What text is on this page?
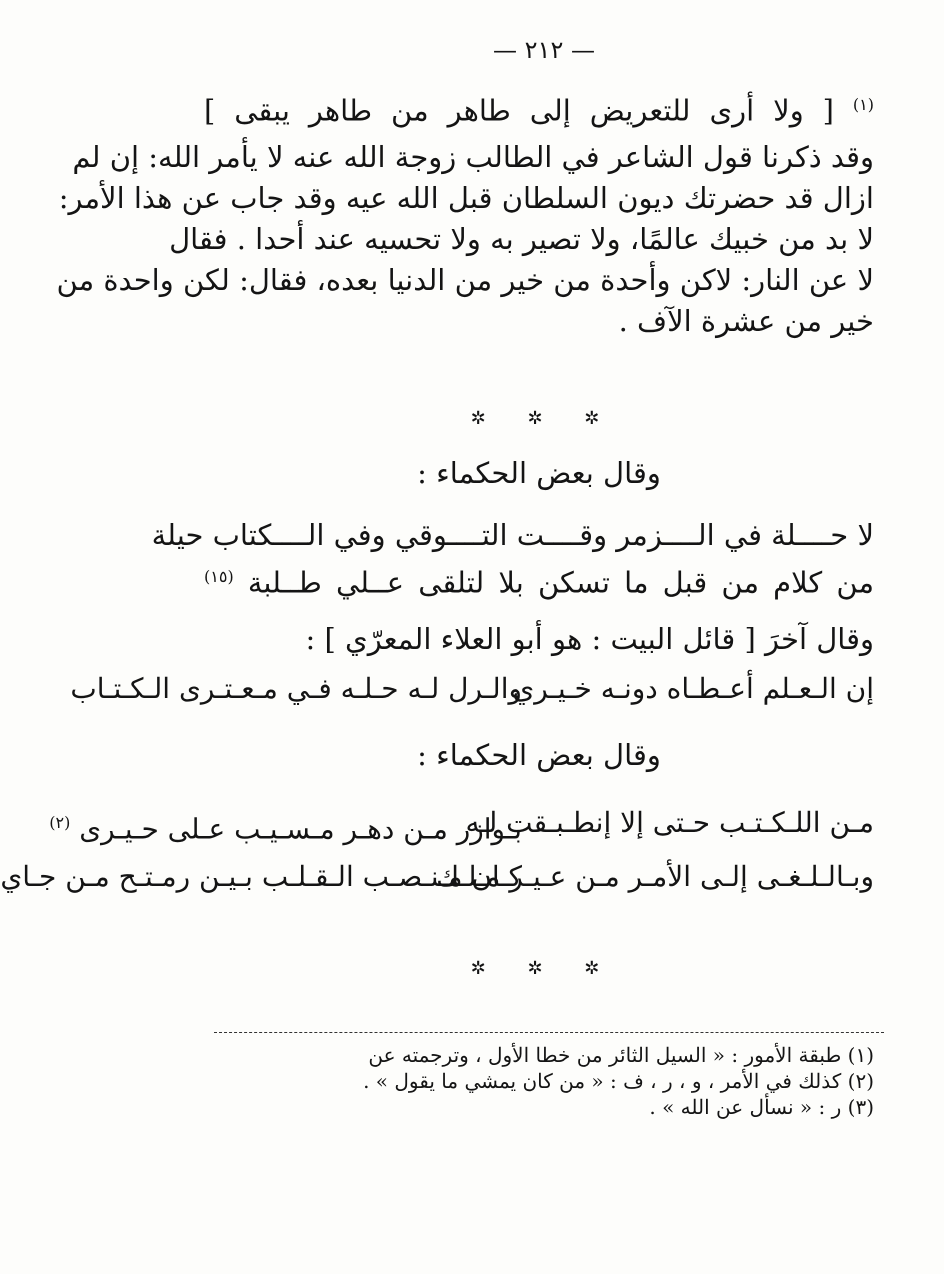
— ٢١٢ —
$^{(١)}$ [ ولا أرى للتعريض إلى طاهر من طاهر يبقى ]
وقد ذكرنا قول الشاعر في الطالب زوجة الله عنه لا يأمر الله: إن لم
ازال قد حضرتك ديون السلطان قبل الله عيه وقد جاب عن هذا الأمر:
لا بد من خبيك عالمًا، ولا تصير به ولا تحسيه عند أحدا . فقال
لا عن النار: لاكن وأحدة من خير من الدنيا بعده، فقال: لكن واحدة من
خير من عشرة الآف .
✲ ✲ ✲
وقال بعض الحكماء :
لا حــــلة في الــــزمر وقــــت التــــوقي وفي الــــكتاب حيلة
من كلام من قبل ما تسكن بلا لتلقى عــلي طــلبة $^{(١٥)}$
وقال آخرَ [ قائل البيت : هو أبو العلاء المعرّي ] :
إن الـعـلم أعـطـاه دونـه خـيـري
والـرل لـه حـلـه فـي مـعـتـرى الـكـتـاب
وقال بعض الحكماء :
مـن اللـكـتـب حـتى إلا إنطـبـقت لـه
بـوازر مـن دهـر مـسـيـب عـلى حـيـرى $^{(٢)}$
وبـالـلـغـى إلـى الأمـر مـن عـيـر مـلـك
كـان مـنـصـب الـقـلـب بـيـن رمـتـح مـن جـاي
✲ ✲ ✲
(١) طبقة الأمور : « السيل الثائر من خطا الأول ، وترجمته عن
(٢) كذلك في الأمر ، و ، ر ، ف : « من كان يمشي ما يقول » .
(٣) ر : « نسأل عن الله » .
